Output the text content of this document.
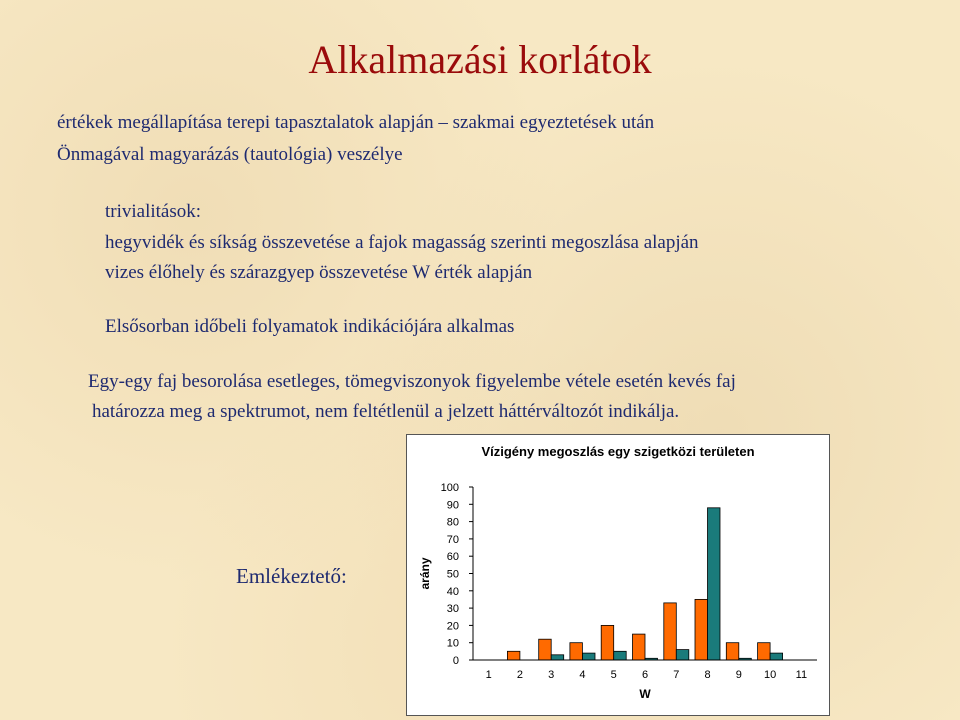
Alkalmazási korlátok

értékek megállapítása terepi tapasztalatok alapján – szakmai egyeztetések után

Önmagával magyarázás (tautológia) veszélye

trivialitások:

hegyvidék és síkság összevetése a fajok magasság szerinti megoszlása alapján

vizes élőhely és szárazgyep összevetése W érték alapján

Elsősorban időbeli folyamatok indikációjára alkalmas

Egy-egy faj besorolása esetleges, tömegviszonyok figyelembe vétele esetén kevés faj

határozza meg a spektrumot, nem feltétlenül a jelzett háttérváltozót indikálja.

Emlékeztető:
Vízigény megoszlás egy szigetközi területen
0
10
20
30
40
50
60
70
80
90
100
1 2 3 4 5 6 7 8 9 10 11
arány
W
